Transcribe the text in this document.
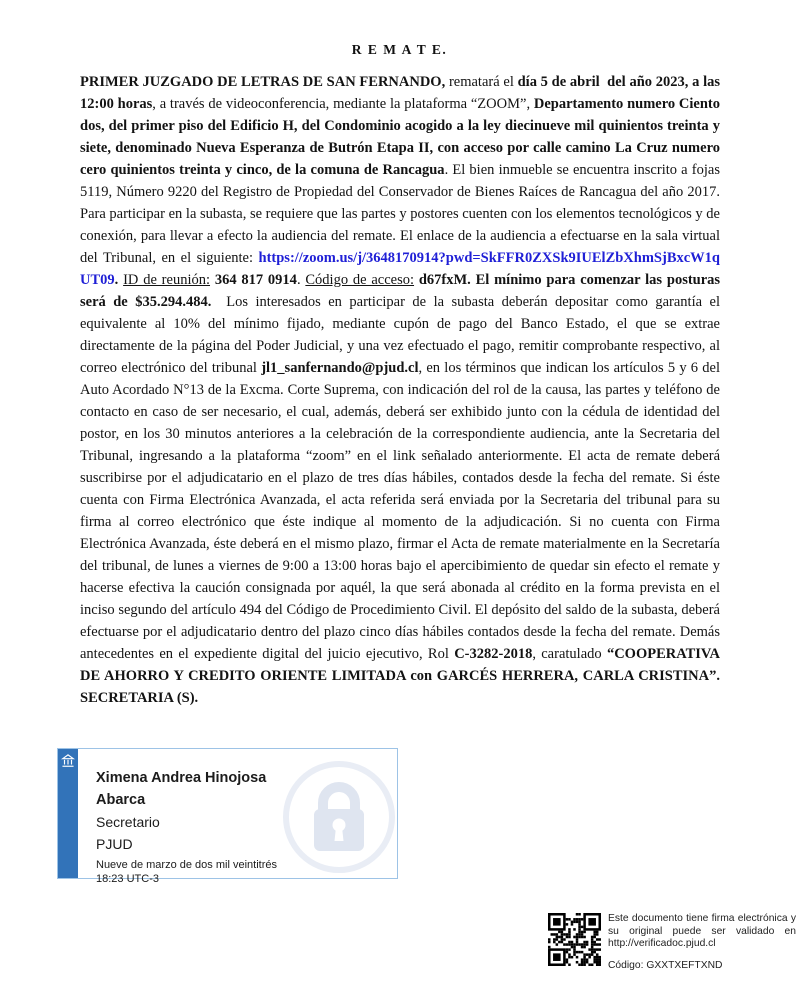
R E M A T E.
PRIMER JUZGADO DE LETRAS DE SAN FERNANDO, rematará el día 5 de abril  del año 2023, a las 12:00 horas, a través de videoconferencia, mediante la plataforma “ZOOM”, Departamento numero Ciento dos, del primer piso del Edificio H, del Condominio acogido a la ley diecinueve mil quinientos treinta y siete, denominado Nueva Esperanza de Butrón Etapa II, con acceso por calle camino La Cruz numero cero quinientos treinta y cinco, de la comuna de Rancagua. El bien inmueble se encuentra inscrito a fojas 5119, Número 9220 del Registro de Propiedad del Conservador de Bienes Raíces de Rancagua del año 2017. Para participar en la subasta, se requiere que las partes y postores cuenten con los elementos tecnológicos y de conexión, para llevar a efecto la audiencia del remate. El enlace de la audiencia a efectuarse en la sala virtual del Tribunal, en el siguiente: https://zoom.us/j/3648170914?pwd=SkFFR0ZXSk9IUElZbXhmSjBxcW1qUT09. ID de reunión: 364 817 0914. Código de acceso: d67fxM. El mínimo para comenzar las posturas será de $35.294.484.  Los interesados en participar de la subasta deberán depositar como garantía el equivalente al 10% del mínimo fijado, mediante cupón de pago del Banco Estado, el que se extrae directamente de la página del Poder Judicial, y una vez efectuado el pago, remitir comprobante respectivo, al correo electrónico del tribunal jl1_sanfernando@pjud.cl, en los términos que indican los artículos 5 y 6 del Auto Acordado N°13 de la Excma. Corte Suprema, con indicación del rol de la causa, las partes y teléfono de contacto en caso de ser necesario, el cual, además, deberá ser exhibido junto con la cédula de identidad del postor, en los 30 minutos anteriores a la celebración de la correspondiente audiencia, ante la Secretaria del Tribunal, ingresando a la plataforma “zoom” en el link señalado anteriormente. El acta de remate deberá suscribirse por el adjudicatario en el plazo de tres días hábiles, contados desde la fecha del remate. Si éste cuenta con Firma Electrónica Avanzada, el acta referida será enviada por la Secretaria del tribunal para su firma al correo electrónico que éste indique al momento de la adjudicación. Si no cuenta con Firma Electrónica Avanzada, éste deberá en el mismo plazo, firmar el Acta de remate materialmente en la Secretaría del tribunal, de lunes a viernes de 9:00 a 13:00 horas bajo el apercibimiento de quedar sin efecto el remate y hacerse efectiva la caución consignada por aquél, la que será abonada al crédito en la forma prevista en el inciso segundo del artículo 494 del Código de Procedimiento Civil. El depósito del saldo de la subasta, deberá efectuarse por el adjudicatario dentro del plazo cinco días hábiles contados desde la fecha del remate. Demás antecedentes en el expediente digital del juicio ejecutivo, Rol C-3282-2018, caratulado “COOPERATIVA DE AHORRO Y CREDITO ORIENTE LIMITADA con GARCÉS HERRERA, CARLA CRISTINA”. SECRETARIA (S).
Ximena Andrea Hinojosa Abarca
Secretario
PJUD
Nueve de marzo de dos mil veintitrés
18:23 UTC-3
Este documento tiene firma electrónica y su original puede ser validado en http://verificadoc.pjud.cl
Código: GXXTXEFTXND
